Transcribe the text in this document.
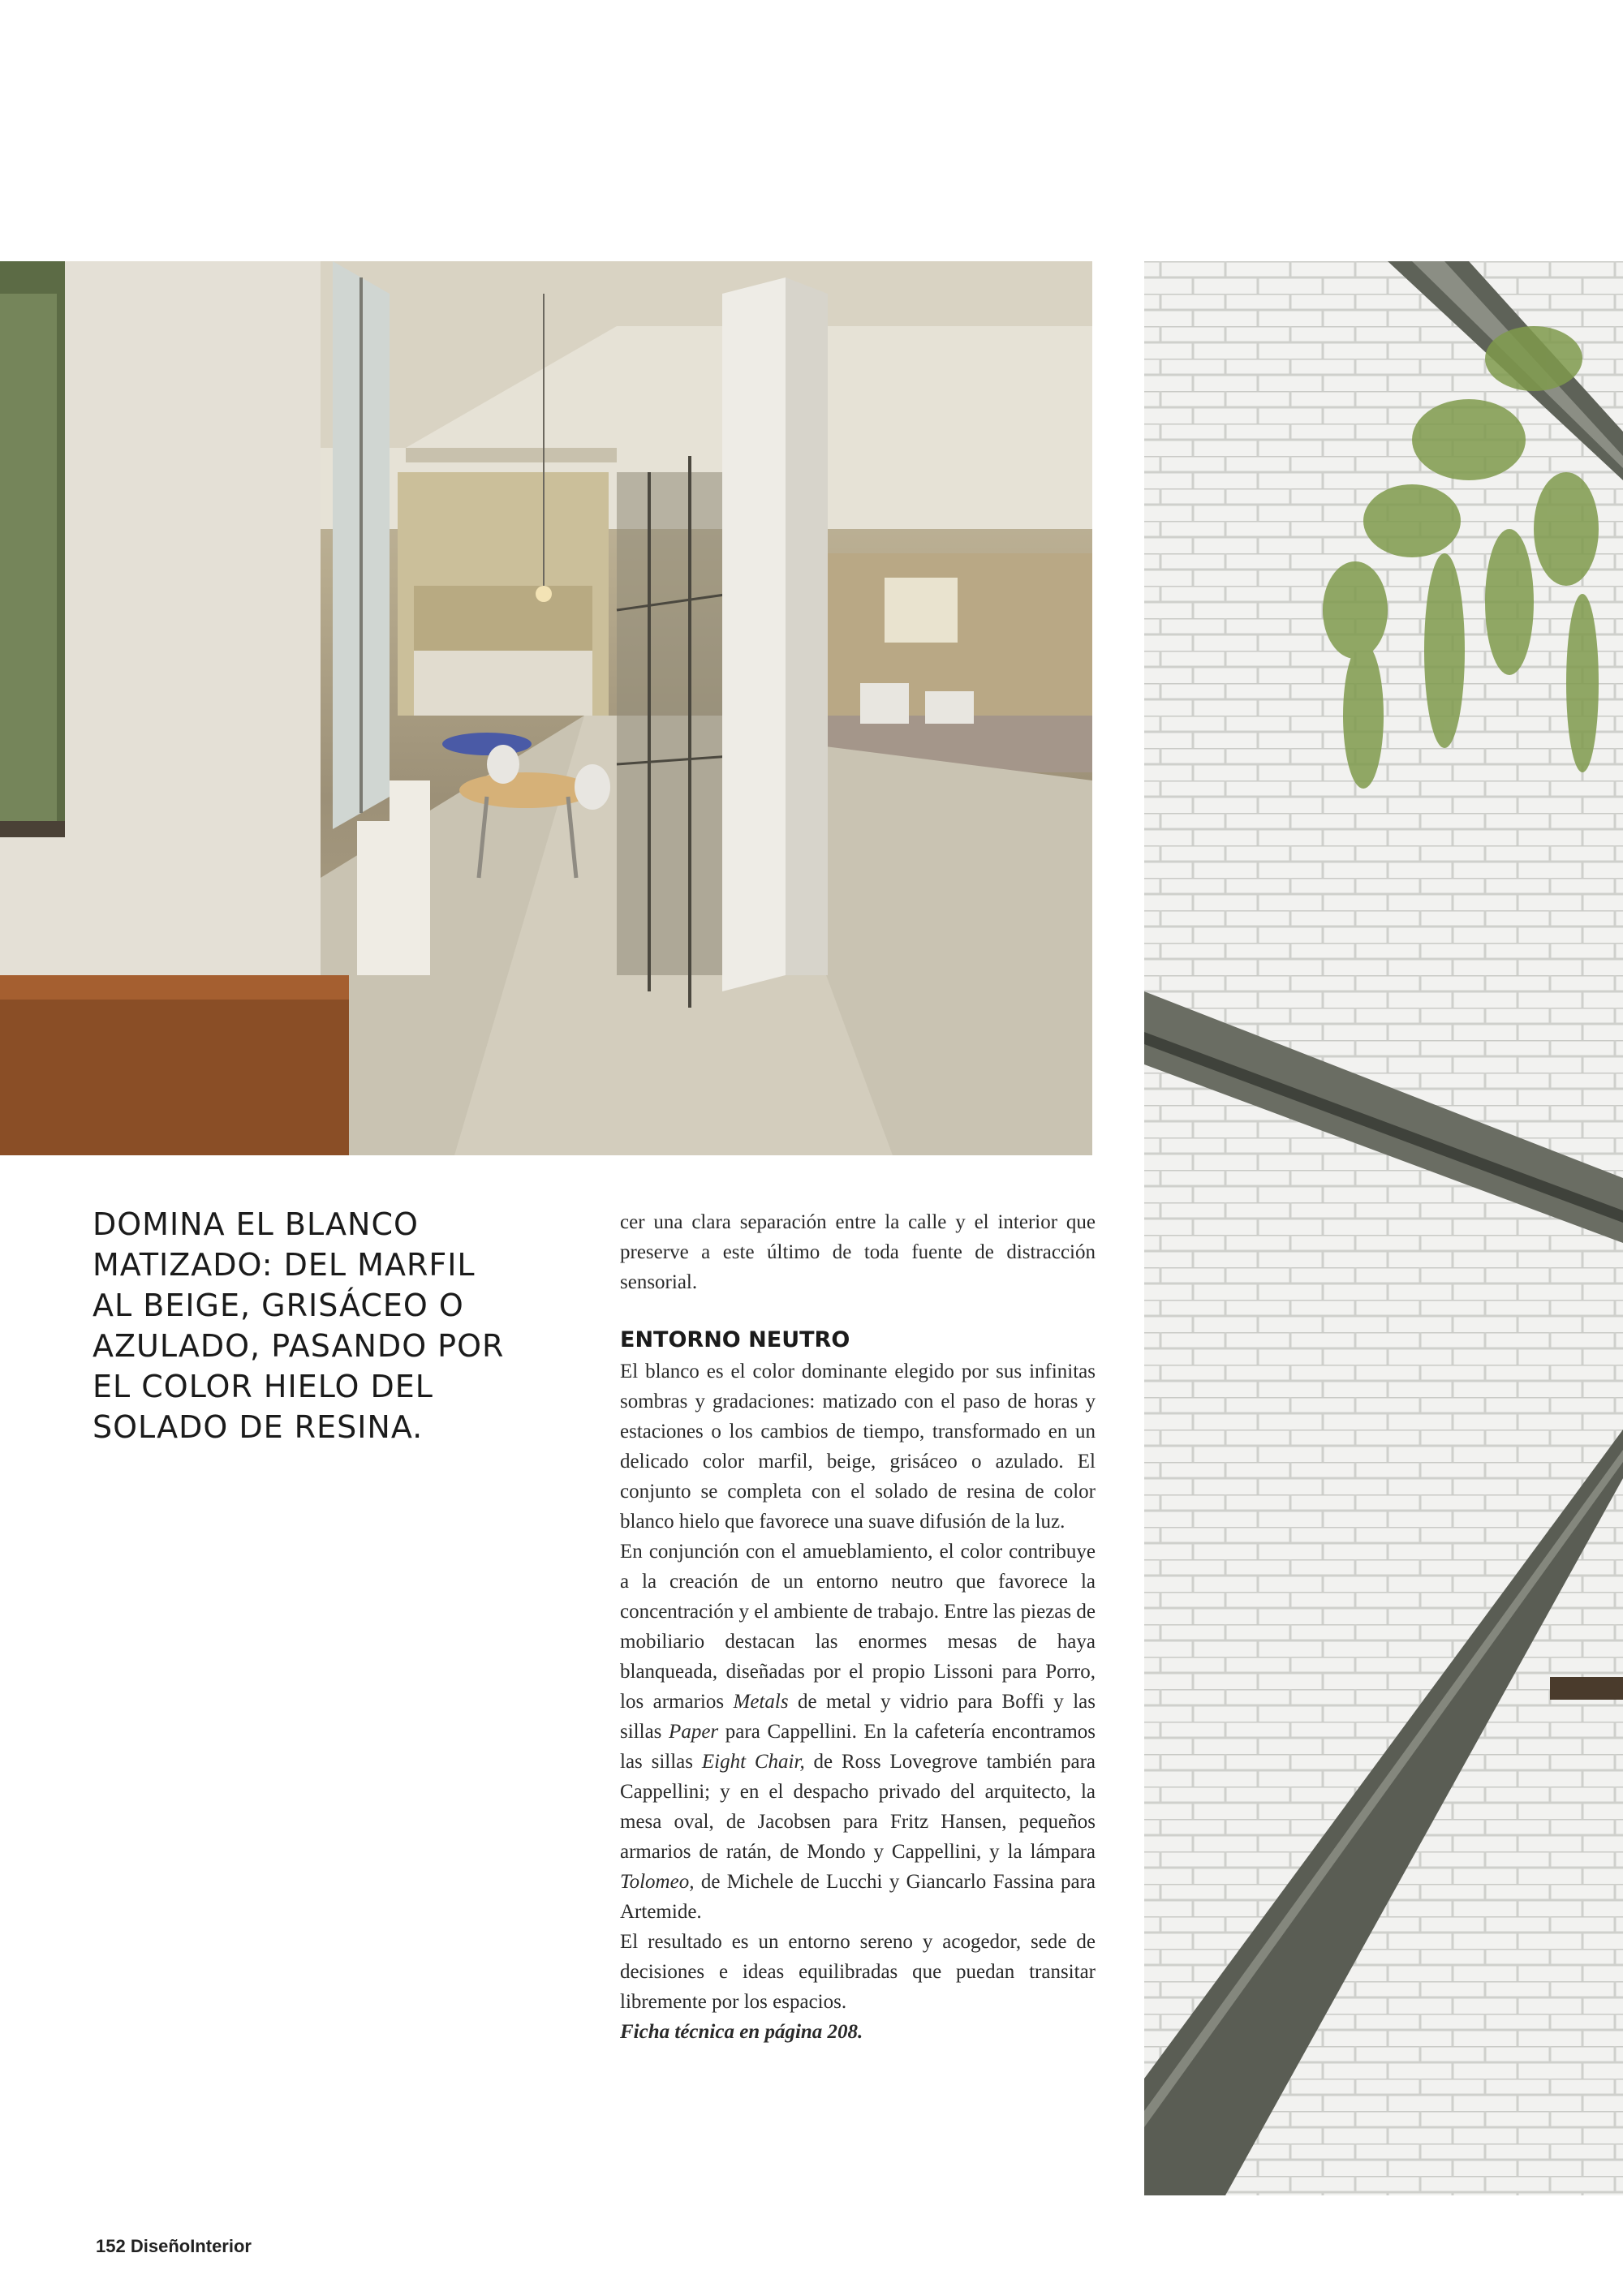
DOMINA EL BLANCO
MATIZADO: DEL MARFIL
AL BEIGE, GRISÁCEO O
AZULADO, PASANDO POR
EL COLOR HIELO DEL
SOLADO DE RESINA.

cer una clara separación entre la calle y el interior que preserve a este último de toda fuente de distracción sensorial.

ENTORNO NEUTRO

El blanco es el color dominante elegido por sus infinitas sombras y gradaciones: matizado con el paso de horas y estaciones o los cambios de tiempo, transformado en un delicado color marfil, beige, grisáceo o azulado. El conjunto se completa con el solado de resina de color blanco hielo que favorece una suave difusión de la luz.

En conjunción con el amueblamiento, el color contribuye a la creación de un entorno neutro que favorece la concentración y el ambiente de trabajo. Entre las piezas de mobiliario destacan las enormes mesas de haya blanqueada, diseñadas por el propio Lissoni para Porro, los armarios Metals de metal y vidrio para Boffi y las sillas Paper para Cappellini. En la cafetería encontramos las sillas Eight Chair, de Ross Lovegrove también para Cappellini; y en el despacho privado del arquitecto, la mesa oval, de Jacobsen para Fritz Hansen, pequeños armarios de ratán, de Mondo y Cappellini, y la lámpara Tolomeo, de Michele de Lucchi y Giancarlo Fassina para Artemide.

El resultado es un entorno sereno y acogedor, sede de decisiones e ideas equilibradas que puedan transitar libremente por los espacios.

Ficha técnica en página 208.

152 DiseñoInterior
